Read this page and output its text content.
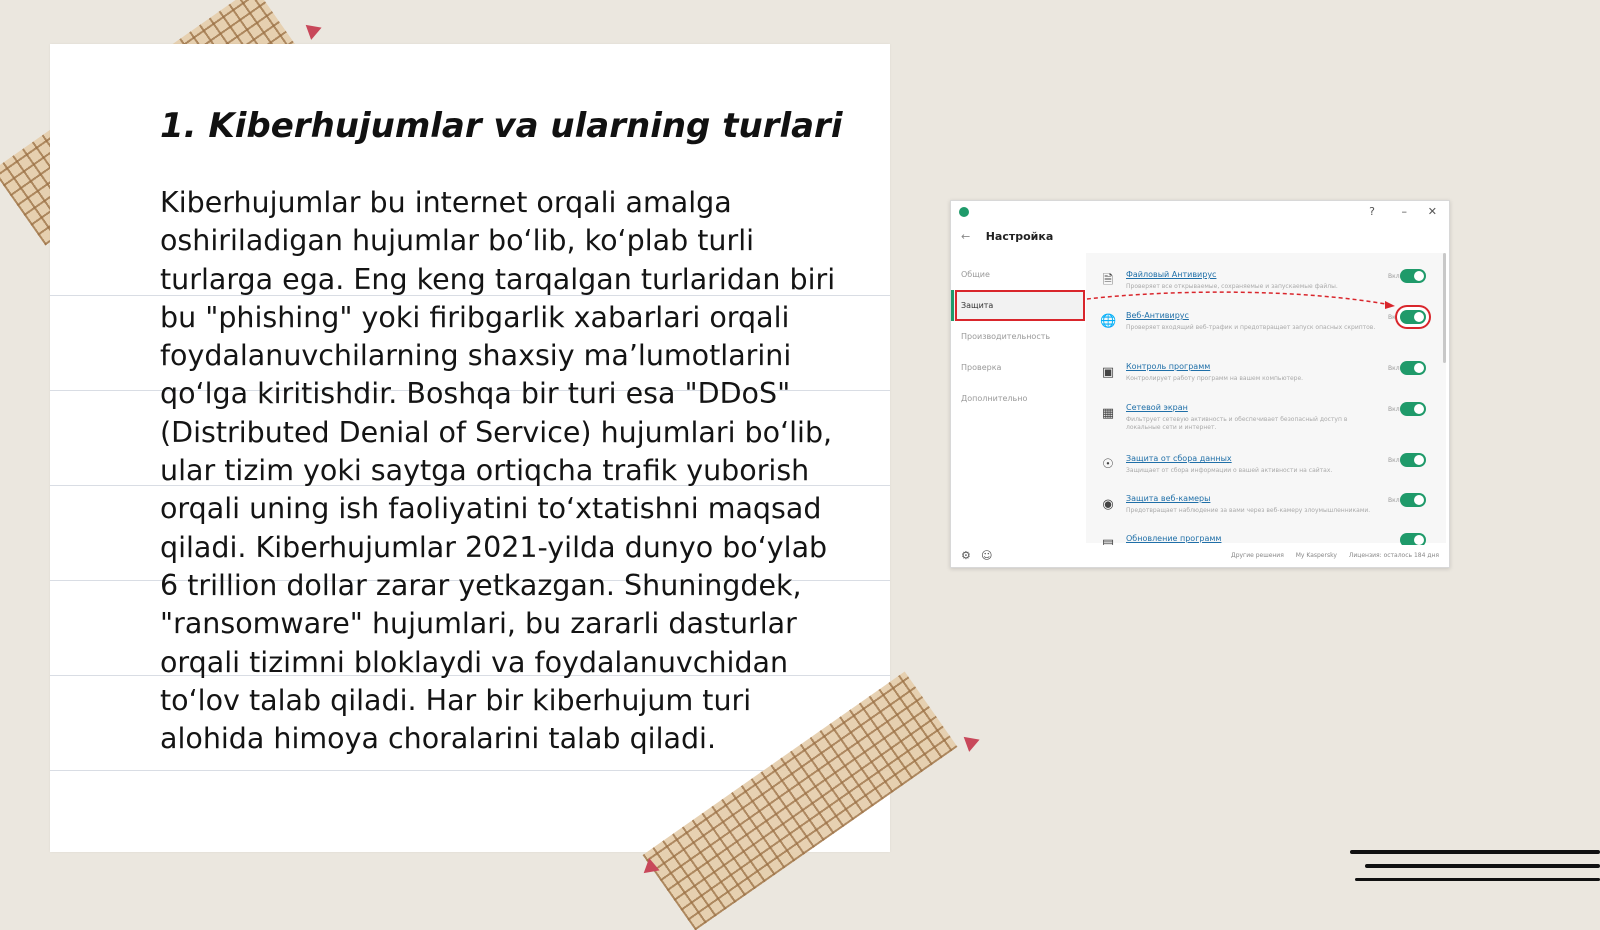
1. Kiberhujumlar va ularning turlari

Kiberhujumlar bu internet orqali amalga oshiriladigan hujumlar bo‘lib, ko‘plab turli turlarga ega. Eng keng tarqalgan turlaridan biri bu "phishing" yoki firibgarlik xabarlari orqali foydalanuvchilarning shaxsiy ma’lumotlarini qo‘lga kiritishdir. Boshqa bir turi esa "DDoS" (Distributed Denial of Service) hujumlari bo‘lib, ular tizim yoki saytga ortiqcha trafik yuborish orqali uning ish faoliyatini to‘xtatishni maqsad qiladi. Kiberhujumlar 2021-yilda dunyo bo‘ylab 6 trillion dollar zarar yetkazgan. Shuningdek, "ransomware" hujumlari, bu zararli dasturlar orqali tizimni bloklaydi va foydalanuvchidan to‘lov talab qiladi. Har bir kiberhujum turi alohida himoya choralarini talab qiladi.

? – ✕
← Настройка
Общие
Защита
Производительность
Проверка
Дополнительно
🗎	Файловый Антивирус
Проверяет все открываемые, сохраняемые и запускаемые файлы.
Вкл
🌐 Веб-Антивирус
Проверяет входящий веб-трафик и предотвращает запуск опасных скриптов.
Вкл
▣ Контроль программ
Контролирует работу программ на вашем компьютере.
Вкл
▦ Сетевой экран
Фильтрует сетевую активность и обеспечивает безопасный доступ в локальные сети и интернет.
Вкл
☉ Защита от сбора данных
Защищает от сбора информации о вашей активности на сайтах.
Вкл
◉ Защита веб-камеры
Предотвращает наблюдение за вами через веб-камеру злоумышленниками.
Вкл
Обновление программ
⚙ ☺	Другие решения My Kaspersky Лицензия: осталось 184 дня
